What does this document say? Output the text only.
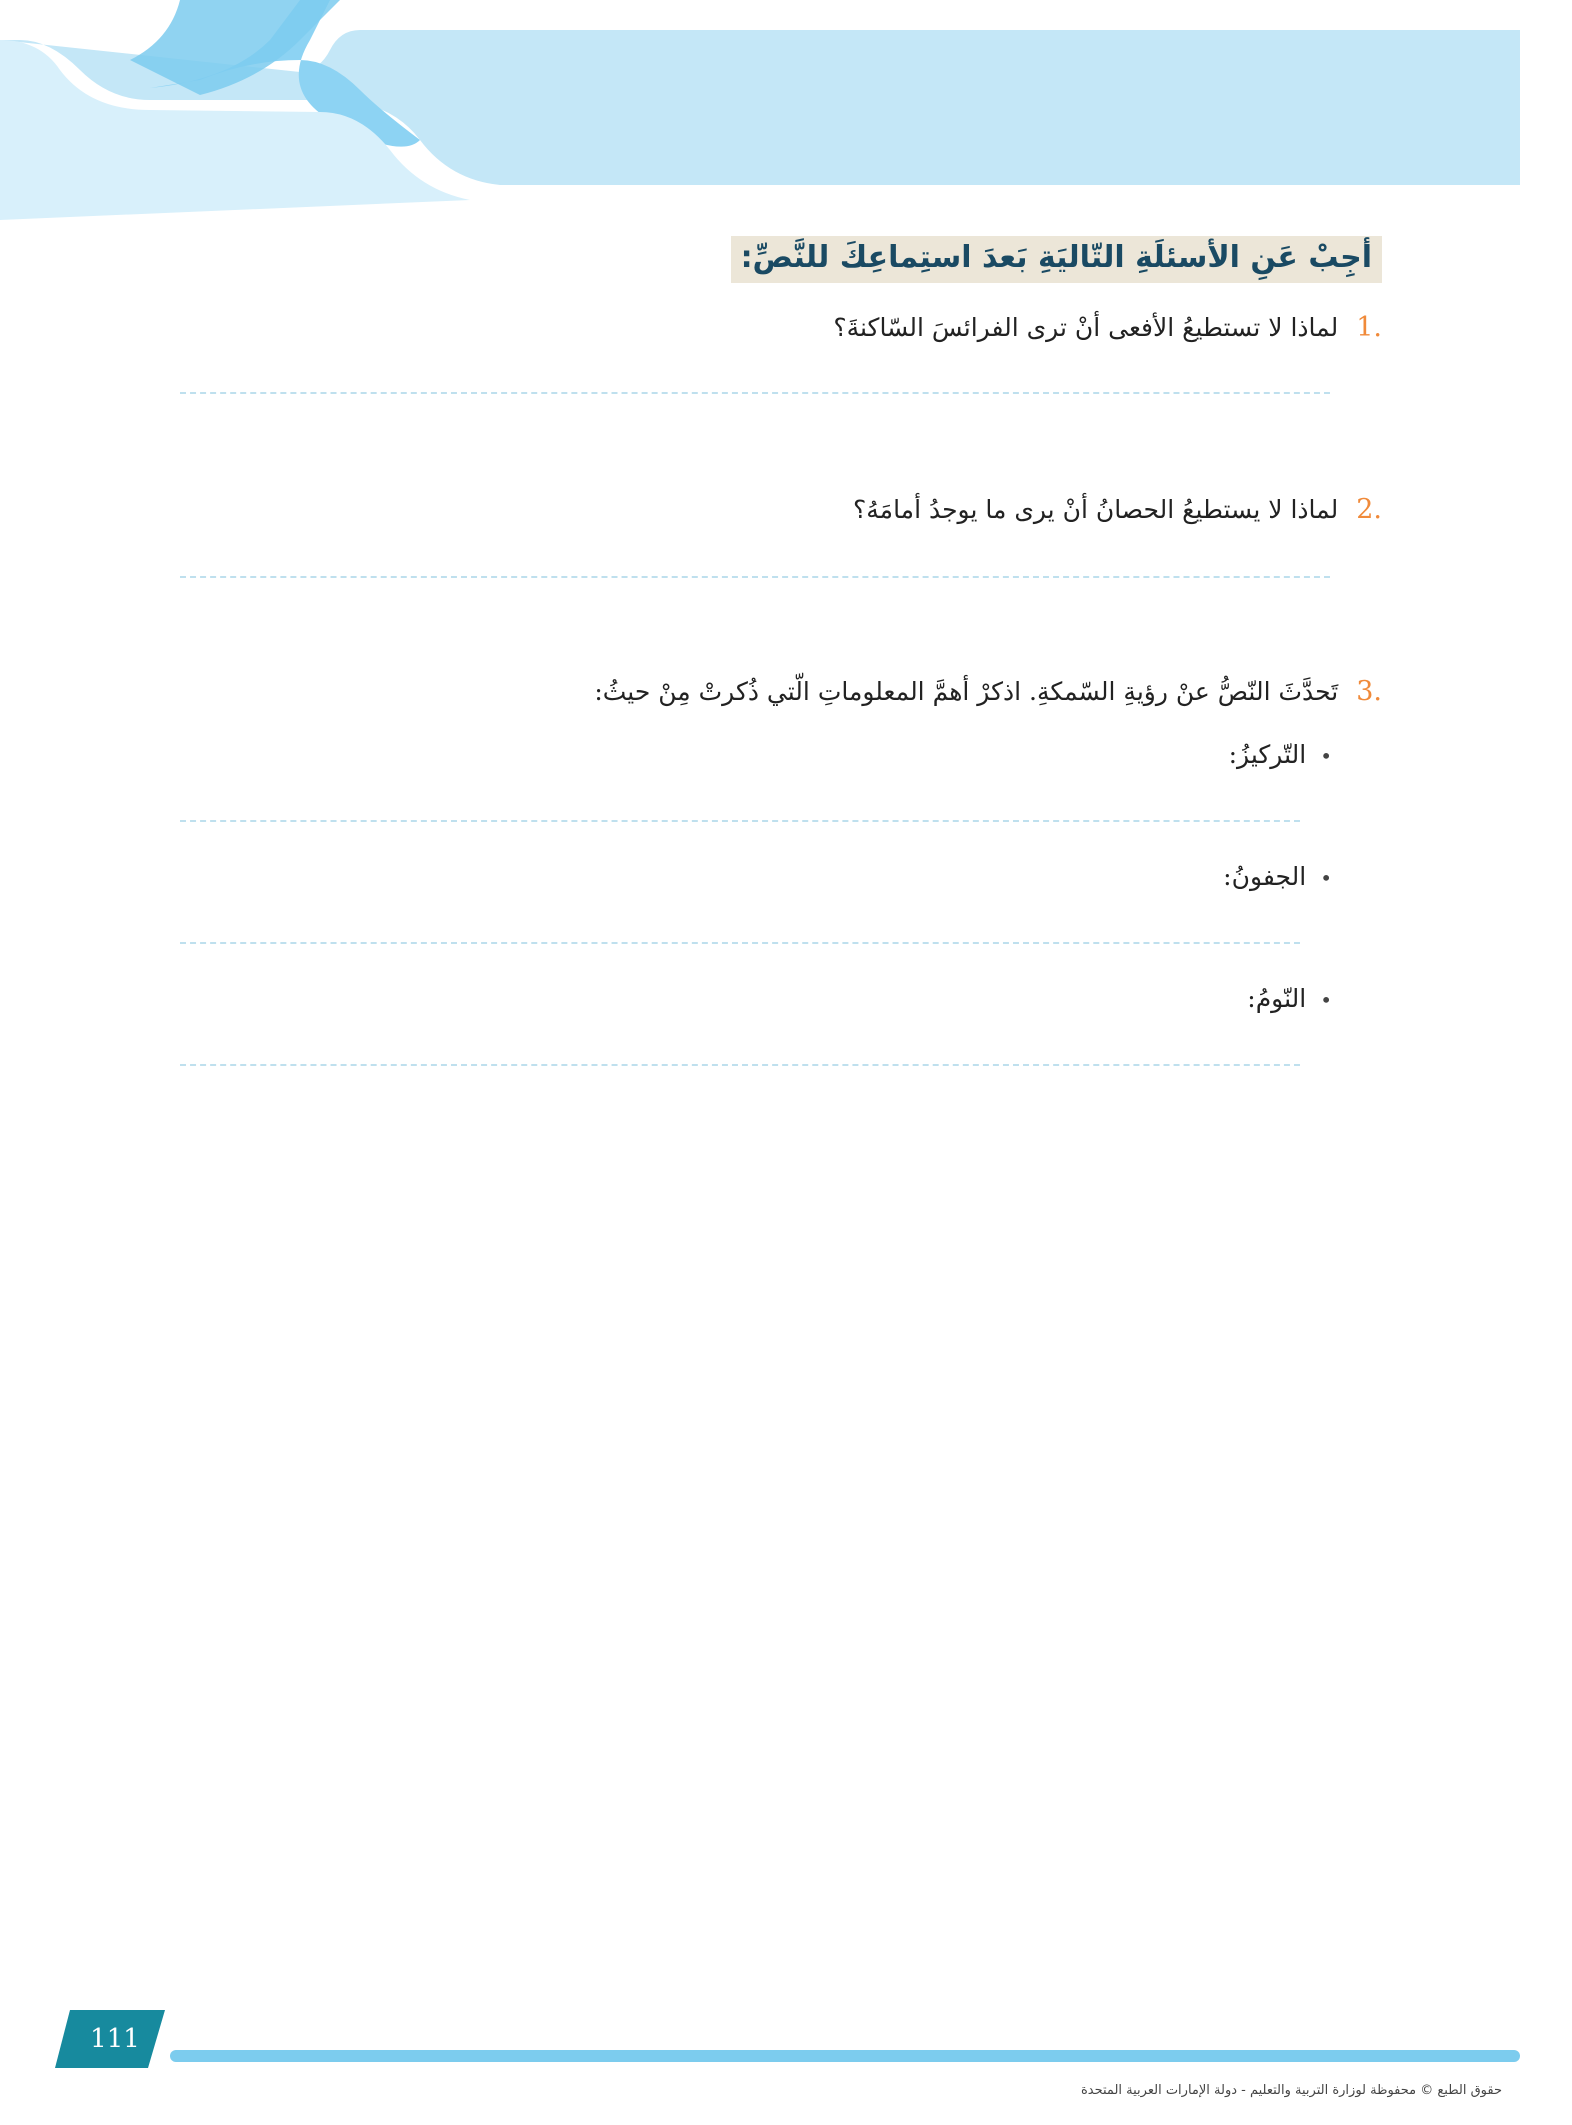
أجِبْ عَنِ الأسئلَةِ التّاليَةِ بَعدَ استِماعِكَ للنَّصِّ:
.1لماذا لا تستطيعُ الأفعى أنْ ترى الفرائسَ السّاكنةَ؟
.2لماذا لا يستطيعُ الحصانُ أنْ يرى ما يوجدُ أمامَهُ؟
.3تَحدَّثَ النّصُّ عنْ رؤيةِ السّمكةِ. اذكرْ أهمَّ المعلوماتِ الّتي ذُكرتْ مِنْ حيثُ:
•التّركيزُ:
•الجفونُ:
•النّومُ:
111
حقوق الطبع © محفوظة لوزارة التربية والتعليم - دولة الإمارات العربية المتحدة
